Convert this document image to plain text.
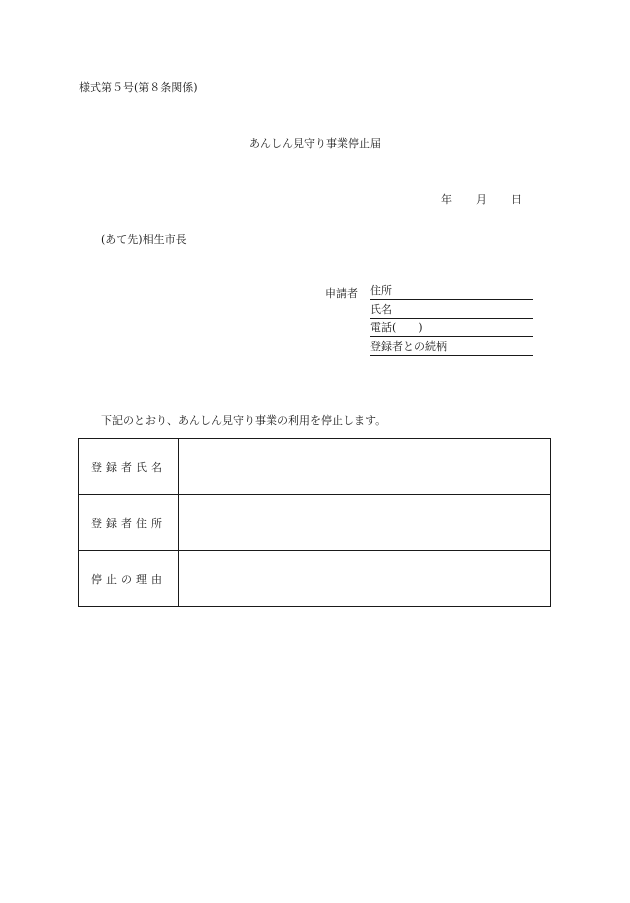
様式第５号(第８条関係)
あんしん見守り事業停止届
年 月 日
(あて先)相生市長
申請者 住所
氏名
電話(　　)
登録者との続柄
下記のとおり、あんしん見守り事業の利用を停止します。
登録者氏名	
登録者住所	
停止の理由	
